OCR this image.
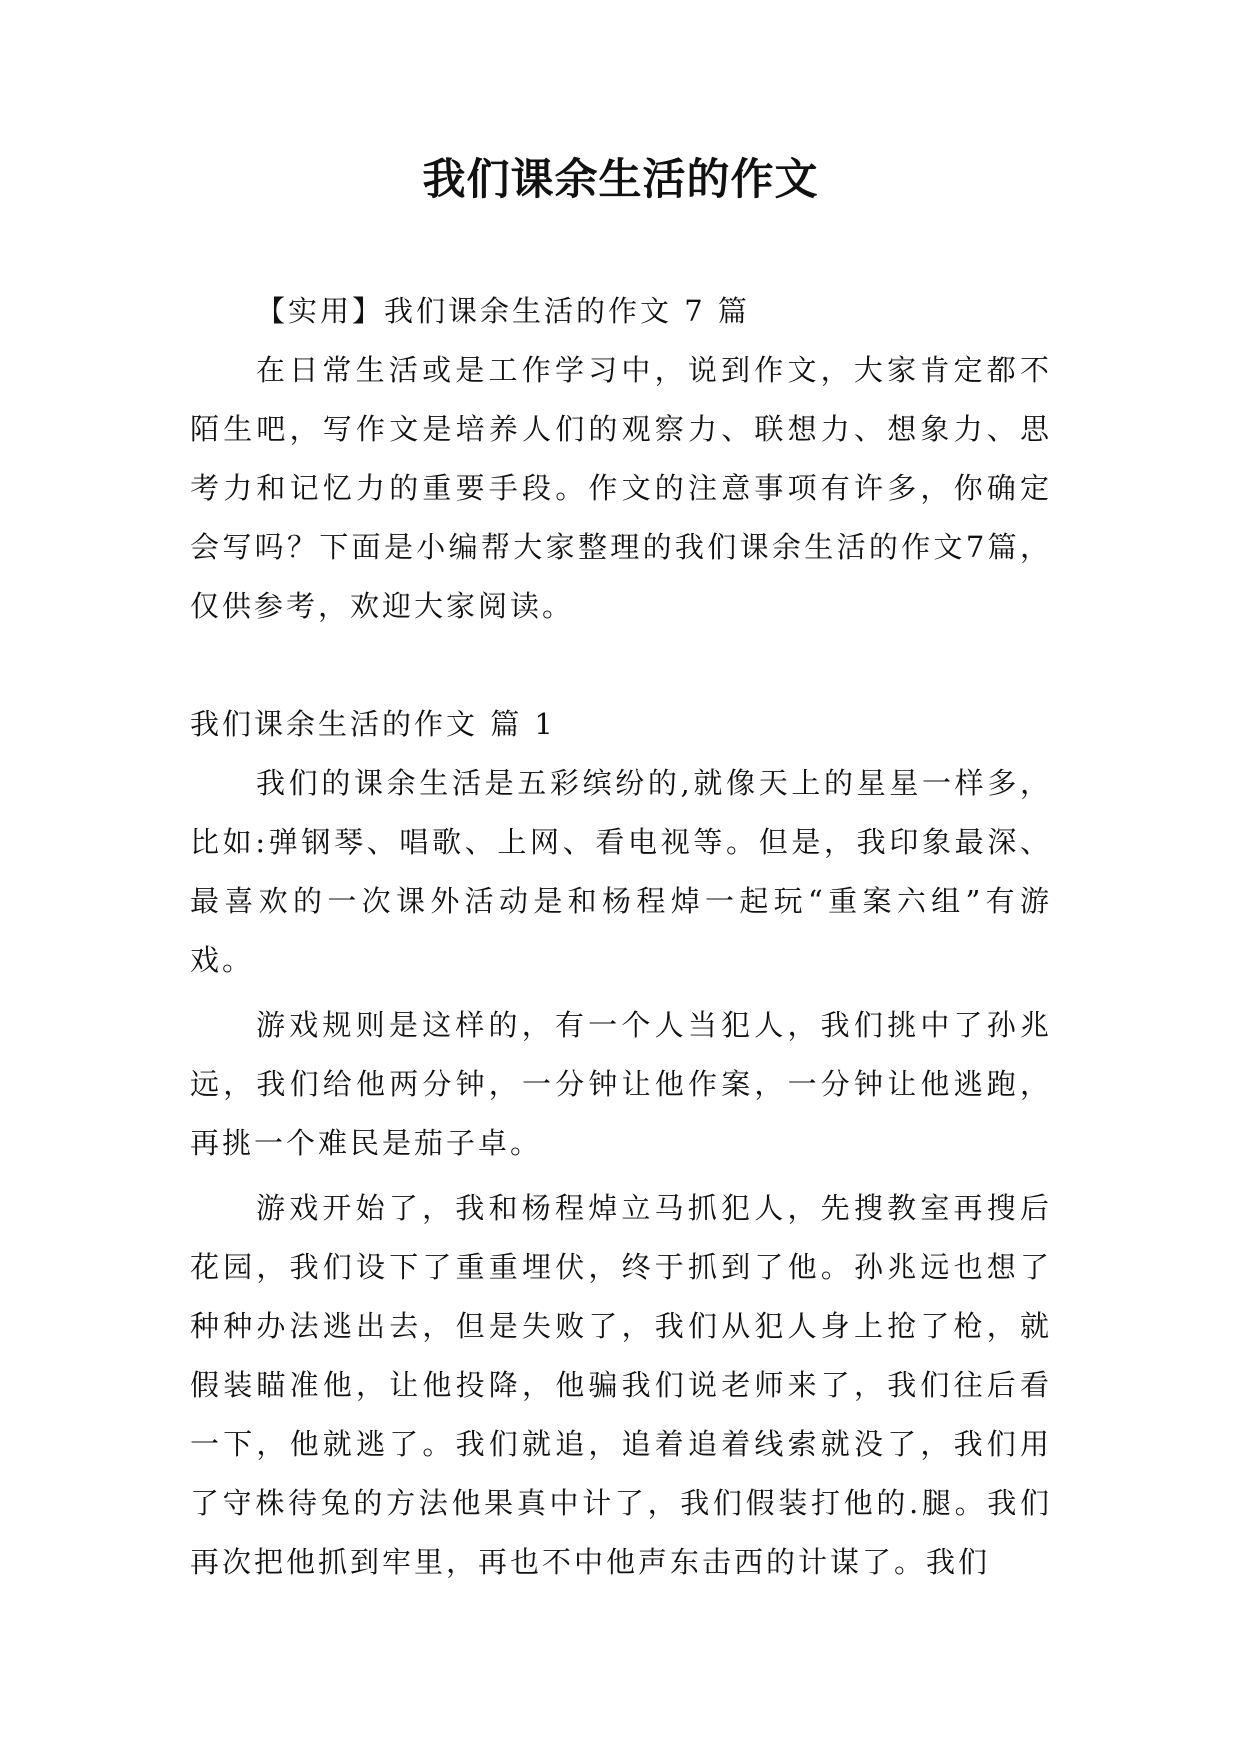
我们课余生活的作文

【实用】我们课余生活的作文 7 篇

在日常生活或是工作学习中，说到作文，大家肯定都不陌生吧，写作文是培养人们的观察力、联想力、想象力、思考力和记忆力的重要手段。作文的注意事项有许多，你确定会写吗？下面是小编帮大家整理的我们课余生活的作文7篇，仅供参考，欢迎大家阅读。

我们课余生活的作文 篇 1

我们的课余生活是五彩缤纷的,就像天上的星星一样多，比如:弹钢琴、唱歌、上网、看电视等。但是，我印象最深、最喜欢的一次课外活动是和杨程焯一起玩“重案六组”有游戏。

游戏规则是这样的，有一个人当犯人，我们挑中了孙兆远，我们给他两分钟，一分钟让他作案，一分钟让他逃跑，再挑一个难民是茄子卓。

游戏开始了，我和杨程焯立马抓犯人，先搜教室再搜后花园，我们设下了重重埋伏，终于抓到了他。孙兆远也想了种种办法逃出去，但是失败了，我们从犯人身上抢了枪，就假装瞄准他，让他投降，他骗我们说老师来了，我们往后看一下，他就逃了。我们就追，追着追着线索就没了，我们用了守株待兔的方法他果真中计了，我们假装打他的.腿。我们再次把他抓到牢里，再也不中他声东击西的计谋了。我们
